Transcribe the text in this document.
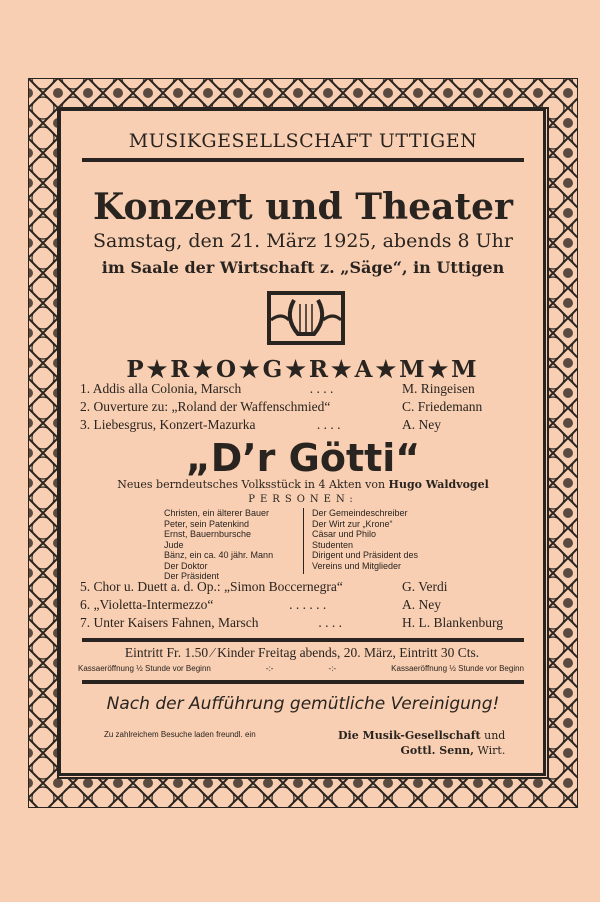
MUSIKGESELLSCHAFT UTTIGEN
Konzert und Theater
Samstag, den 21. März 1925, abends 8 Uhr
im Saale der Wirtschaft z. „Säge“, in Uttigen
P★R★O★G★R★A★M★M
1. Addis alla Colonia, Marsch	. . . .	M. Ringeisen
2. Ouverture zu: „Roland der Waffenschmied“	C. Friedemann
3. Liebesgrus, Konzert-Mazurka	. . . .	A. Ney
„D’r Götti“
Neues berndeutsches Volksstück in 4 Akten von Hugo Waldvogel
PERSONEN:
Christen, ein älterer Bauer
Peter, sein Patenkind
Ernst, Bauernbursche
Jude
Bänz, ein ca. 40 jähr. Mann
Der Doktor
Der Präsident
Der Gemeindeschreiber
Der Wirt zur „Krone“
Cäsar und Philo
Studenten
Dirigent und Präsident des
Vereins und Mitglieder
5. Chor u. Duett a. d. Op.: „Simon Boccernegra“	G. Verdi
6. „Violetta-Intermezzo“	. . . . . .	A. Ney
7. Unter Kaisers Fahnen, Marsch	. . . .	H. L. Blankenburg
Eintritt Fr. 1.50 ⁄ Kinder Freitag abends, 20. März, Eintritt 30 Cts.
Kassaeröffnung ½ Stunde vor Beginn	-:-	-:-	Kassaeröffnung ½ Stunde vor Beginn
Nach der Aufführung gemütliche Vereinigung!
Zu zahlreichem Besuche laden freundl. ein	Die Musik-Gesellschaft und
Gottl. Senn, Wirt.
